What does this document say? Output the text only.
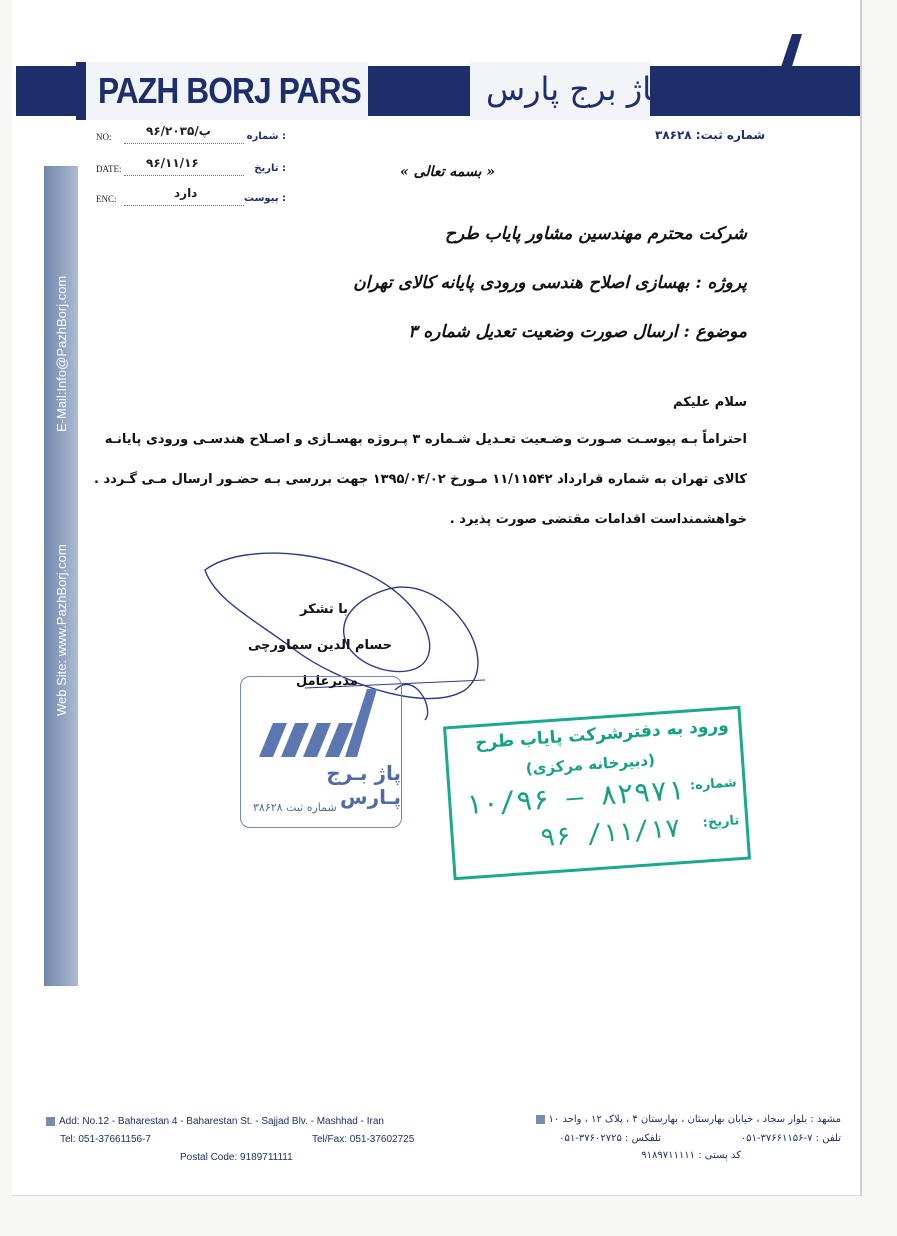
PAZH BORJ PARS	پاژ برج پارس
شماره ثبت: ۳۸۶۲۸
NO:	۹۶/پ/۲۰۳۵	شماره :
DATE: ۹۶/۱۱/۱۶	تاریخ :
ENC:	دارد	پیوست :
E-Mail:Info@PazhBorj.com
Web Site: www.PazhBorj.com
« بسمه تعالی »
شرکت محترم مهندسین مشاور پایاب طرح
پروژه : بهسازی اصلاح هندسی ورودی پایانه کالای تهران
موضوع : ارسال صورت وضعیت تعدیل شماره ۳
سلام علیکم
احتراماً بـه پیوسـت صـورت وضـعیت تعـدیل شـماره ۳ پـروژه بهسـازی و اصـلاح هندسـی ورودی پایانـه
کالای تهران به شماره قرارداد ۱۱/۱۱۵۴۲ مـورخ ۱۳۹۵/۰۴/۰۲ جهت بررسی بـه حضـور ارسال مـی گـردد .
خواهشمنداست اقدامات مقتضی صورت پذیرد .
با تشکر
حسام الدین سماورچی
مدیرعامل
پاژ بـرج پـارس
شماره ثبت ۳۸۶۲۸
ورود به دفترشرکت پایاب طرح
(دبیرخانه مرکزی)
شماره:
۱۰/۹۶ – ۸۲۹۷۱
تاریخ:
۹۶ /۱۱/۱۷
Add: No.12 - Baharestan 4 - Baharestan St. - Sajjad Blv. - Mashhad - Iran
Tel: 051-37661156-7	Tel/Fax: 051-37602725
Postal Code: 9189711111
مشهد : بلوار سجاد ، خیابان بهارستان ، بهارستان ۴ ، پلاک ۱۲ ، واحد ۱۰
تلفن : ۷-۳۷۶۶۱۱۵۶-۰۵۱
تلفکس : ۳۷۶۰۲۷۲۵-۰۵۱
کد پستی : ۹۱۸۹۷۱۱۱۱۱
